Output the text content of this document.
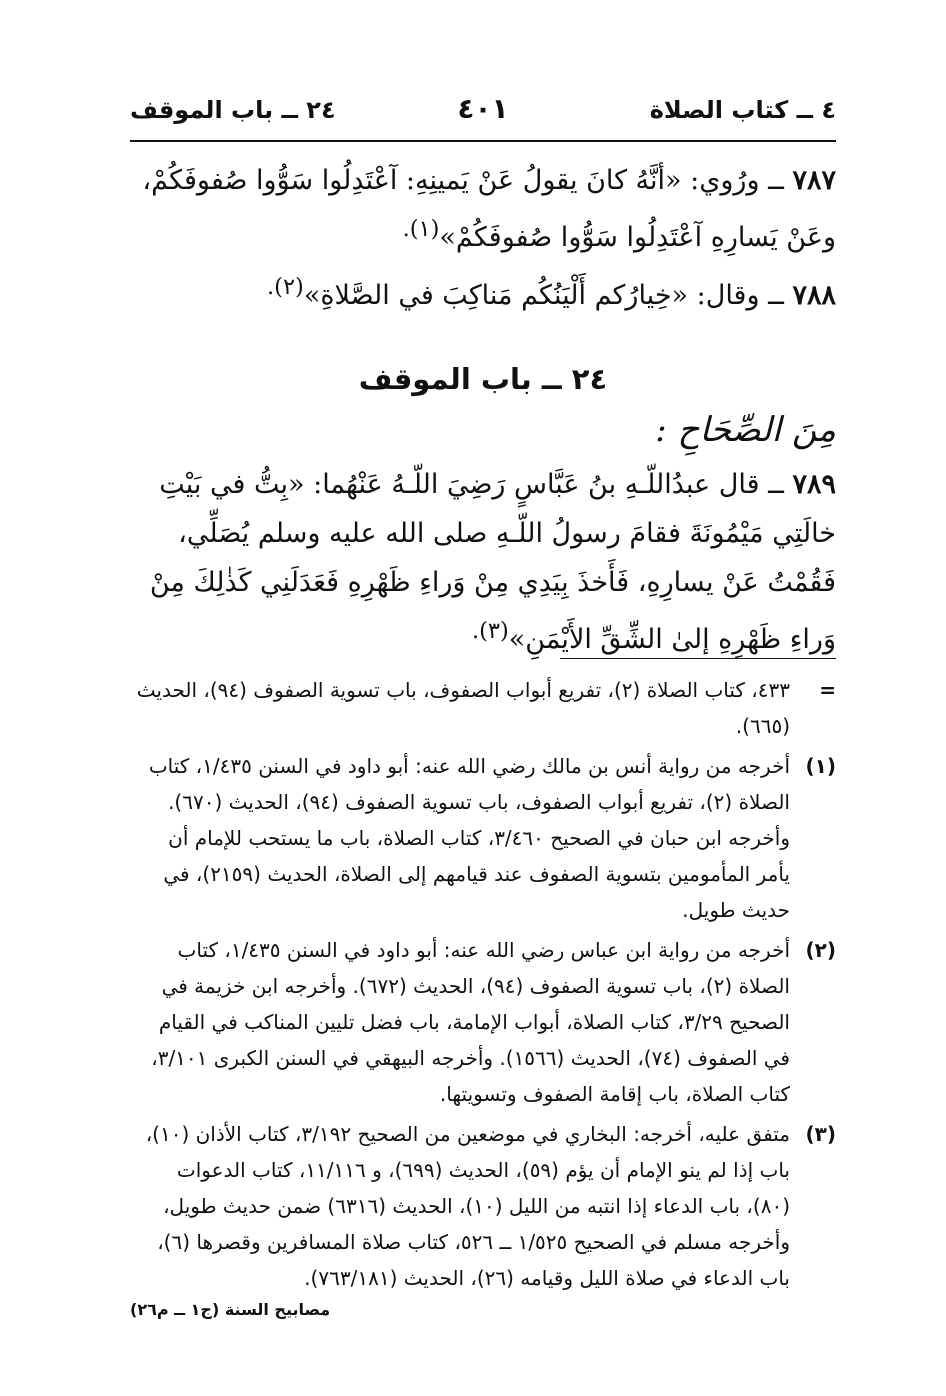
٤ ــ كتاب الصلاة
٤٠١
٢٤ ــ باب الموقف
٧٨٧ ــ ورُوي: «أنَّهُ كانَ يقولُ عَنْ يَمينِهِ: آعْتَدِلُوا سَوُّوا صُفوفَكُمْ، وعَنْ يَسارِهِ آعْتَدِلُوا سَوُّوا صُفوفَكُمْ»$^{(١).}$
٧٨٨ ــ وقال: «خِيارُكم أَلْيَنُكُم مَناكِبَ في الصَّلاةِ»$^{(٢).}$
٢٤ ــ باب الموقف
مِنَ الصِّحَاحِ :
٧٨٩ ــ قال عبدُاللّـهِ بنُ عَبَّاسٍ رَضِيَ اللّـهُ عَنْهُما: «بِتُّ في بَيْتِ خالَتِي مَيْمُونَةَ فقامَ رسولُ اللّـهِ صلى الله عليه وسلم يُصَلِّي، فَقُمْتُ عَنْ يسارِهِ، فَأَخذَ بِيَدِي مِنْ وَراءِ ظَهْرِهِ فَعَدَلَنِي كَذٰلِكَ مِنْ وَراءِ ظَهْرِهِ إلىٰ الشِّقِّ الأَيْمَنِ»$^{(٣).}$
=
٤٣٣، كتاب الصلاة (٢)، تفريع أبواب الصفوف، باب تسوية الصفوف (٩٤)، الحديث (٦٦٥).
(١)
أخرجه من رواية أنس بن مالك رضي الله عنه: أبو داود في السنن ١/٤٣٥، كتاب الصلاة (٢)، تفريع أبواب الصفوف، باب تسوية الصفوف (٩٤)، الحديث (٦٧٠). وأخرجه ابن حبان في الصحيح ٣/٤٦٠، كتاب الصلاة، باب ما يستحب للإمام أن يأمر المأمومين بتسوية الصفوف عند قيامهم إلى الصلاة، الحديث (٢١٥٩)، في حديث طويل.
(٢)
أخرجه من رواية ابن عباس رضي الله عنه: أبو داود في السنن ١/٤٣٥، كتاب الصلاة (٢)، باب تسوية الصفوف (٩٤)، الحديث (٦٧٢). وأخرجه ابن خزيمة في الصحيح ٣/٢٩، كتاب الصلاة، أبواب الإمامة، باب فضل تليين المناكب في القيام في الصفوف (٧٤)، الحديث (١٥٦٦). وأخرجه البيهقي في السنن الكبرى ٣/١٠١، كتاب الصلاة، باب إقامة الصفوف وتسويتها.
(٣)
متفق عليه، أخرجه: البخاري في موضعين من الصحيح ٣/١٩٢، كتاب الأذان (١٠)، باب إذا لم ينو الإمام أن يؤم (٥٩)، الحديث (٦٩٩)، و ١١/١١٦، كتاب الدعوات (٨٠)، باب الدعاء إذا انتبه من الليل (١٠)، الحديث (٦٣١٦) ضمن حديث طويل، وأخرجه مسلم في الصحيح ١/٥٢٥ ــ ٥٢٦، كتاب صلاة المسافرين وقصرها (٦)، باب الدعاء في صلاة الليل وقيامه (٢٦)، الحديث (٧٦٣/١٨١).
مصابيح السنة (ج١ ــ م٢٦)
